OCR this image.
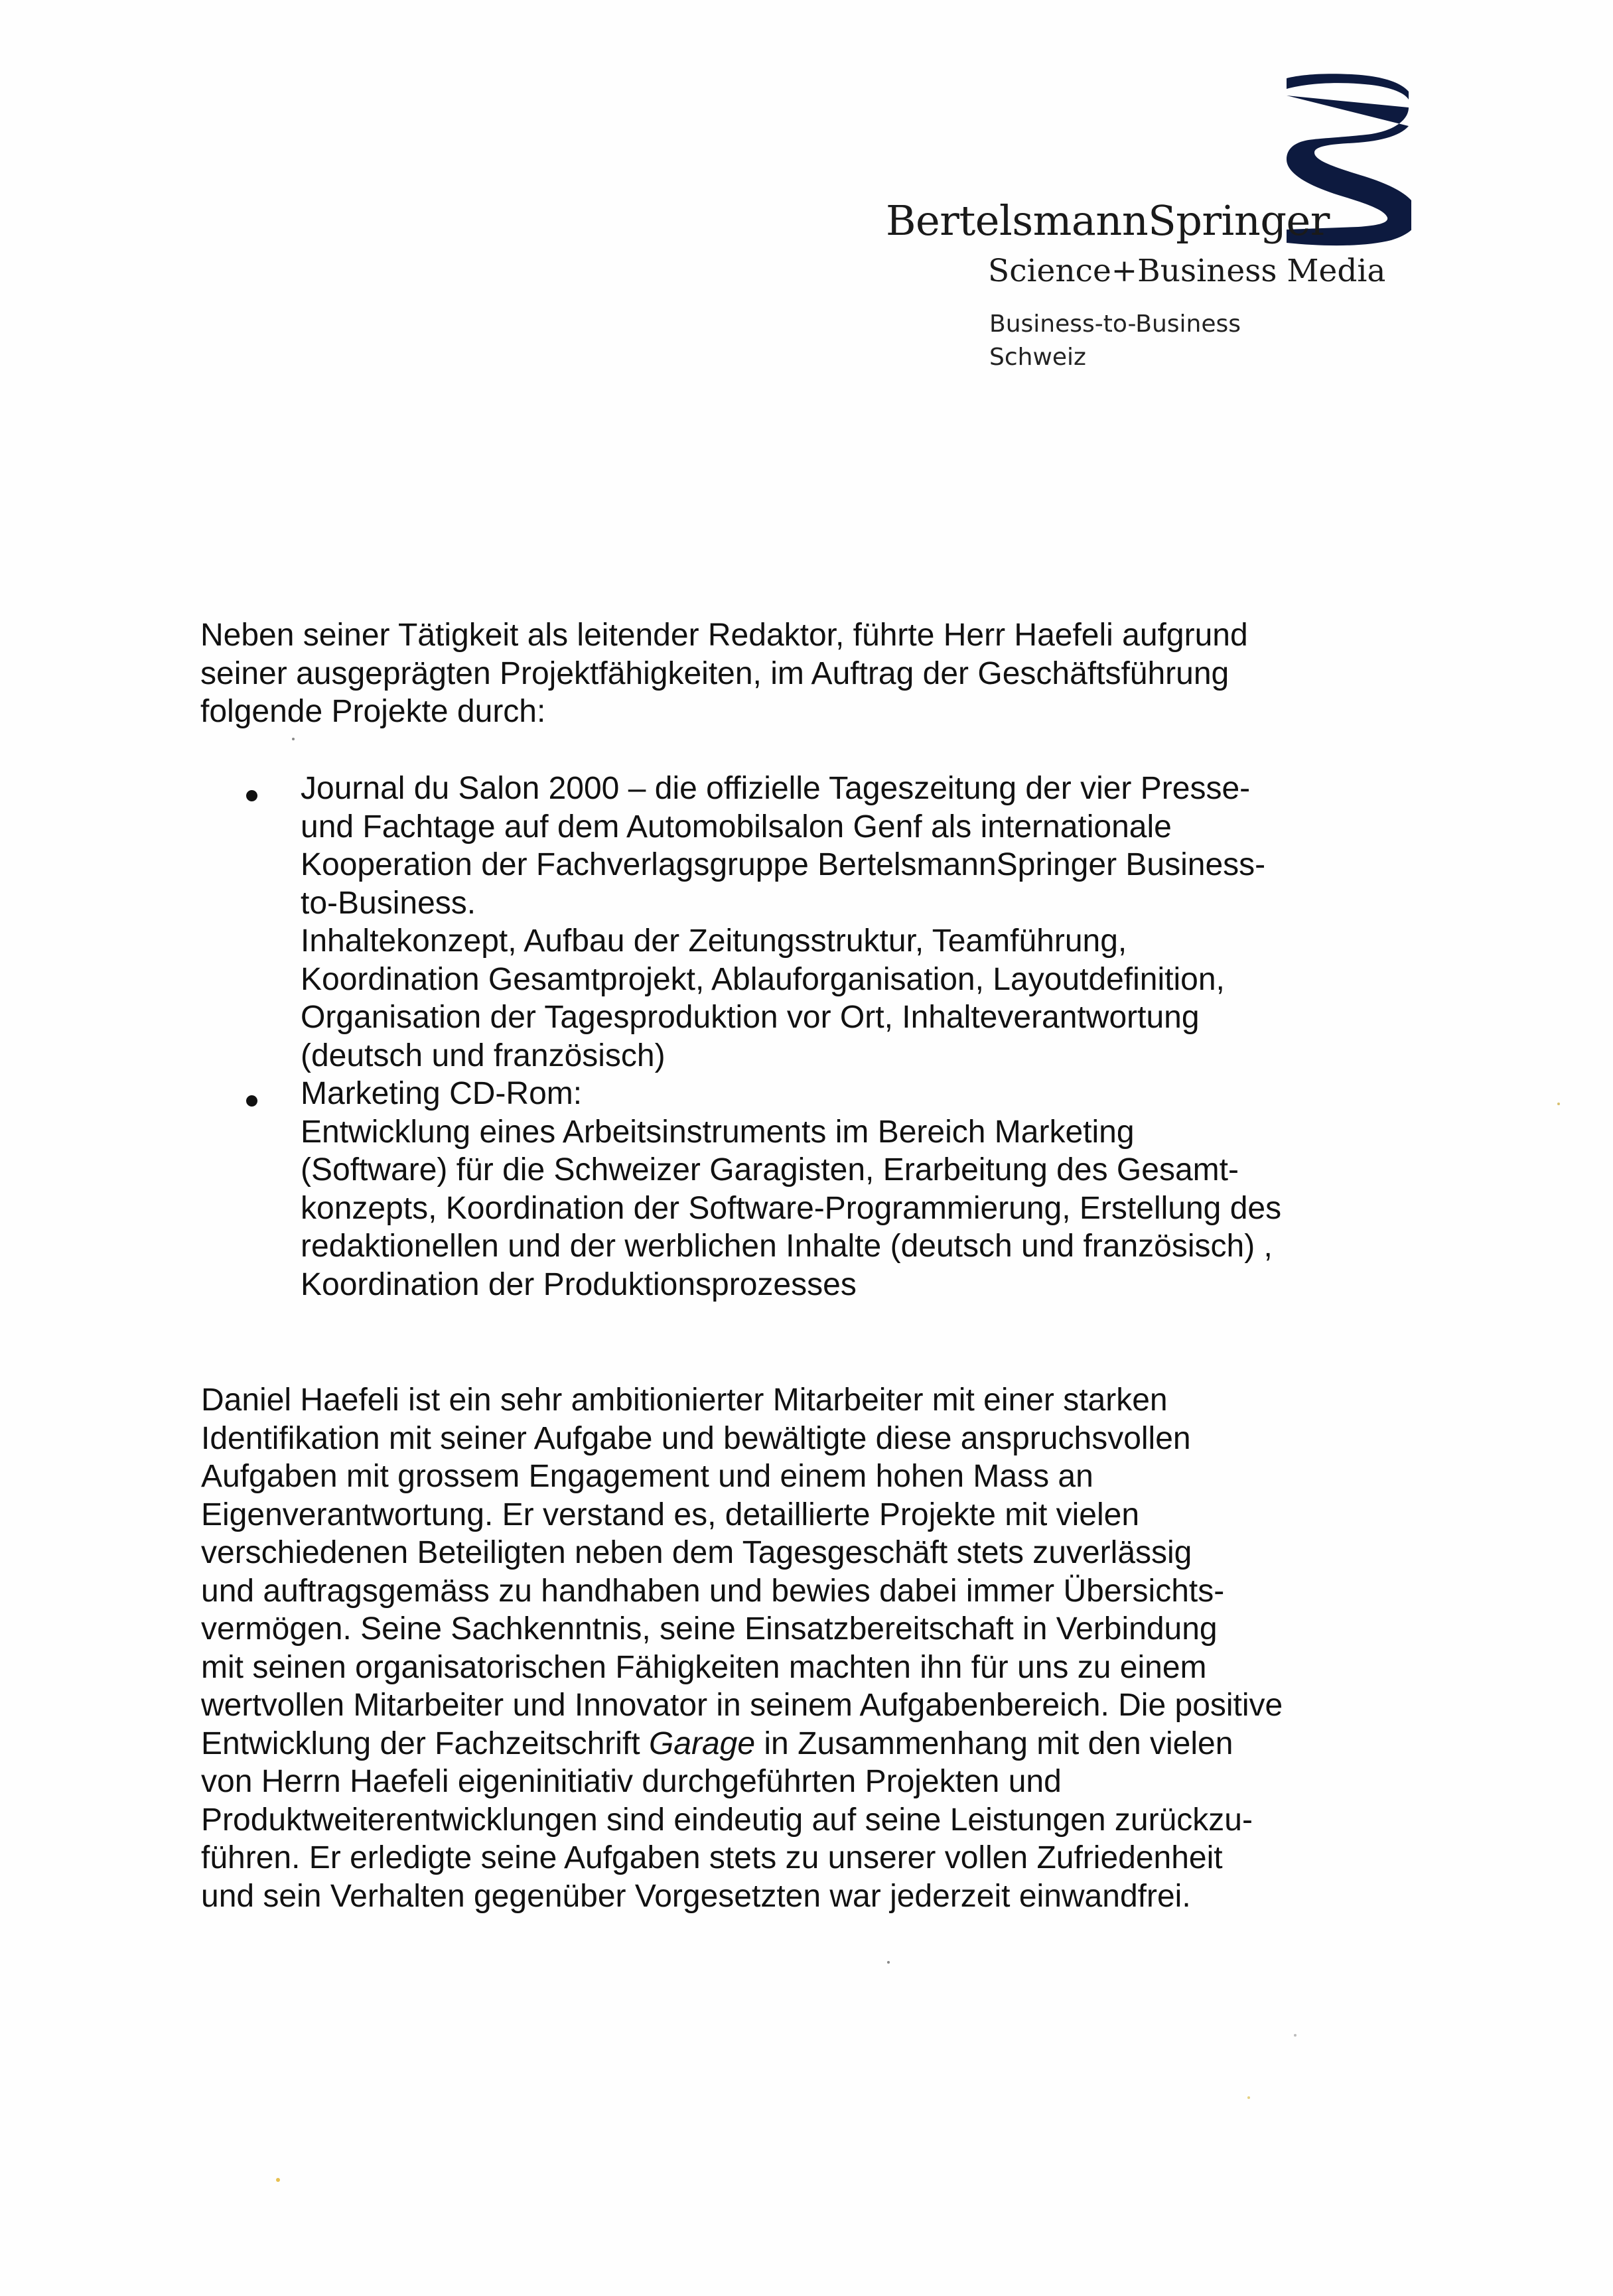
BertelsmannSpringer
Science+Business Media
Business-to-Business
Schweiz
Neben seiner Tätigkeit als leitender Redaktor, führte Herr Haefeli aufgrund
seiner ausgeprägten Projektfähigkeiten, im Auftrag der Geschäftsführung
folgende Projekte durch:
Journal du Salon 2000 – die offizielle Tageszeitung der vier Presse-
und Fachtage auf dem Automobilsalon Genf als internationale
Kooperation der Fachverlagsgruppe BertelsmannSpringer Business-
to-Business.
Inhaltekonzept, Aufbau der Zeitungsstruktur, Teamführung,
Koordination Gesamtprojekt, Ablauforganisation, Layoutdefinition,
Organisation der Tagesproduktion vor Ort, Inhalteverantwortung
(deutsch und französisch)
Marketing CD-Rom:
Entwicklung eines Arbeitsinstruments im Bereich Marketing
(Software) für die Schweizer Garagisten, Erarbeitung des Gesamt-
konzepts, Koordination der Software-Programmierung, Erstellung des
redaktionellen und der werblichen Inhalte (deutsch und französisch) ,
Koordination der Produktionsprozesses
Daniel Haefeli ist ein sehr ambitionierter Mitarbeiter mit einer starken
Identifikation mit seiner Aufgabe und bewältigte diese anspruchsvollen
Aufgaben mit grossem Engagement und einem hohen Mass an
Eigenverantwortung. Er verstand es, detaillierte Projekte mit vielen
verschiedenen Beteiligten neben dem Tagesgeschäft stets zuverlässig
und auftragsgemäss zu handhaben und bewies dabei immer Übersichts-
vermögen. Seine Sachkenntnis, seine Einsatzbereitschaft in Verbindung
mit seinen organisatorischen Fähigkeiten machten ihn für uns zu einem
wertvollen Mitarbeiter und Innovator in seinem Aufgabenbereich. Die positive
Entwicklung der Fachzeitschrift Garage in Zusammenhang mit den vielen
von Herrn Haefeli eigeninitiativ durchgeführten Projekten und
Produktweiterentwicklungen sind eindeutig auf seine Leistungen zurückzu-
führen. Er erledigte seine Aufgaben stets zu unserer vollen Zufriedenheit
und sein Verhalten gegenüber Vorgesetzten war jederzeit einwandfrei.
